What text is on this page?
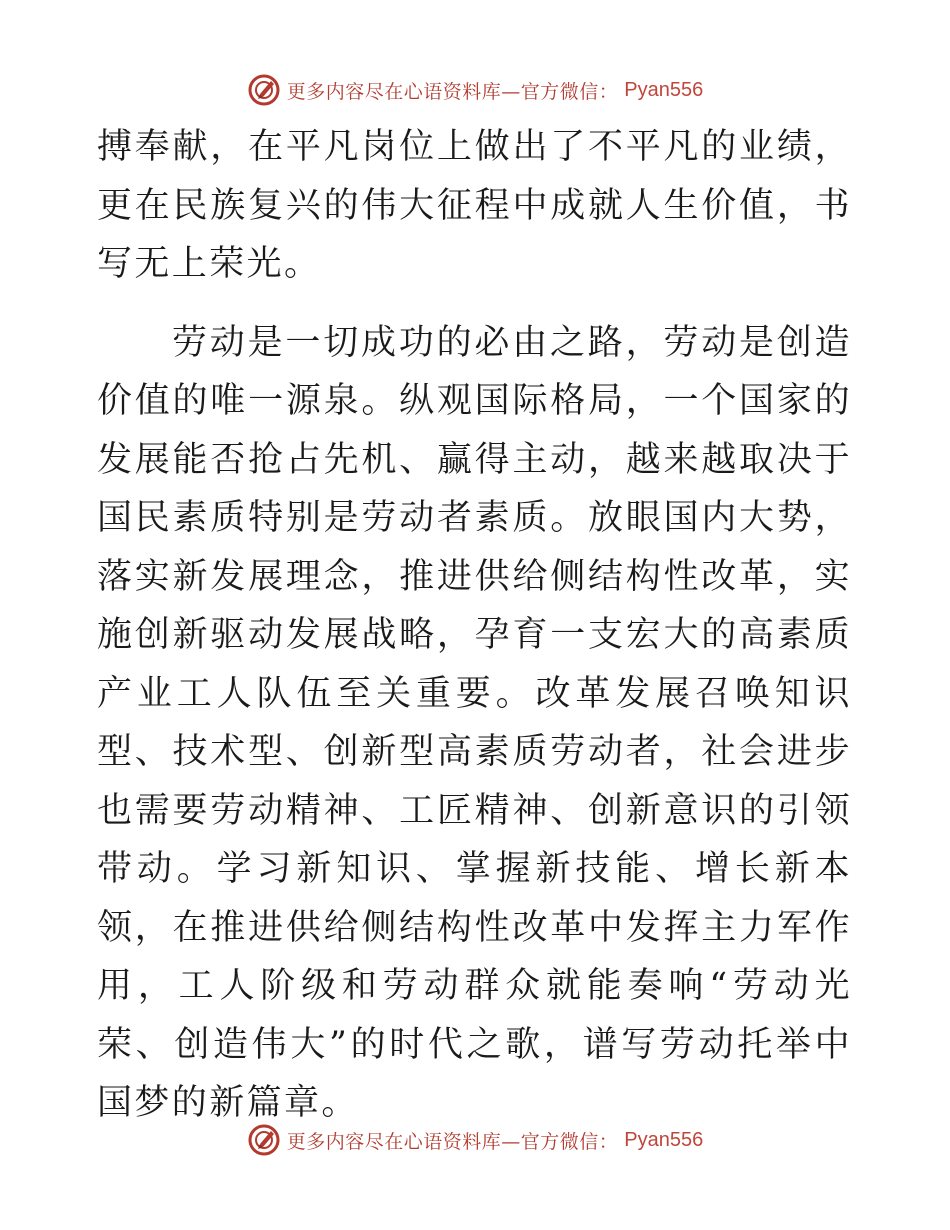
更多内容尽在心语资料库—官方微信： Pyan556

搏奉献，在平凡岗位上做出了不平凡的业绩，更在民族复兴的伟大征程中成就人生价值，书写无上荣光。

劳动是一切成功的必由之路，劳动是创造价值的唯一源泉。纵观国际格局，一个国家的发展能否抢占先机、赢得主动，越来越取决于国民素质特别是劳动者素质。放眼国内大势，落实新发展理念，推进供给侧结构性改革，实施创新驱动发展战略，孕育一支宏大的高素质产业工人队伍至关重要。改革发展召唤知识型、技术型、创新型高素质劳动者，社会进步也需要劳动精神、工匠精神、创新意识的引领带动。学习新知识、掌握新技能、增长新本领，在推进供给侧结构性改革中发挥主力军作用，工人阶级和劳动群众就能奏响“劳动光荣、创造伟大”的时代之歌，谱写劳动托举中国梦的新篇章。

更多内容尽在心语资料库—官方微信： Pyan556
